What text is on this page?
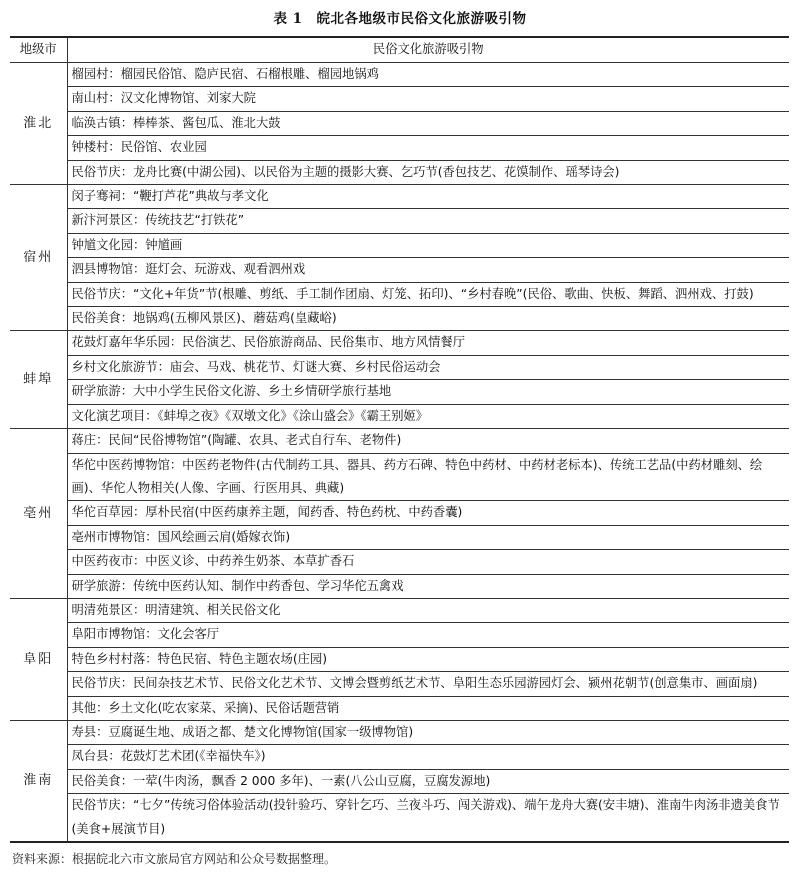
表 1　皖北各地级市民俗文化旅游吸引物
地级市	民俗文化旅游吸引物
淮北	榴园村：榴园民俗馆、隐庐民宿、石榴根雕、榴园地锅鸡
	南山村：汉文化博物馆、刘家大院
	临涣古镇：棒棒茶、酱包瓜、淮北大鼓
	钟楼村：民俗馆、农业园
	民俗节庆：龙舟比赛(中湖公园)、以民俗为主题的摄影大赛、乞巧节(香包技艺、花馍制作、瑶琴诗会)
宿州	闵子骞祠：“鞭打芦花”典故与孝文化
	新汴河景区：传统技艺“打铁花”
	钟馗文化园：钟馗画
	泗县博物馆：逛灯会、玩游戏、观看泗州戏
	民俗节庆：“文化+年货”节(根雕、剪纸、手工制作团扇、灯笼、拓印)、“乡村春晚”(民俗、歌曲、快板、舞蹈、泗州戏、打鼓)
	民俗美食：地锅鸡(五柳风景区)、蘑菇鸡(皇藏峪)
蚌埠	花鼓灯嘉年华乐园：民俗演艺、民俗旅游商品、民俗集市、地方风情餐厅
	乡村文化旅游节：庙会、马戏、桃花节、灯谜大赛、乡村民俗运动会
	研学旅游：大中小学生民俗文化游、乡土乡情研学旅行基地
	文化演艺项目：《蚌埠之夜》《双墩文化》《涂山盛会》《霸王别姬》
亳州	蒋庄：民间“民俗博物馆”(陶罐、农具、老式自行车、老物件)
	华佗中医药博物馆：中医药老物件(古代制药工具、器具、药方石碑、特色中药材、中药材老标本)、传统工艺品(中药材雕刻、绘画)、华佗人物相关(人像、字画、行医用具、典藏)
	华佗百草园：厚朴民宿(中医药康养主题，闻药香、特色药枕、中药香囊)
	亳州市博物馆：国风绘画云肩(婚嫁衣饰)
	中医药夜市：中医义诊、中药养生奶茶、本草扩香石
	研学旅游：传统中医药认知、制作中药香包、学习华佗五禽戏
阜阳	明清苑景区：明清建筑、相关民俗文化
	阜阳市博物馆：文化会客厅
	特色乡村村落：特色民宿、特色主题农场(庄园)
	民俗节庆：民间杂技艺术节、民俗文化艺术节、文博会暨剪纸艺术节、阜阳生态乐园游园灯会、颍州花朝节(创意集市、画面扇)
	其他：乡土文化(吃农家菜、采摘)、民俗话题营销
淮南	寿县：豆腐诞生地、成语之都、楚文化博物馆(国家一级博物馆)
	凤台县：花鼓灯艺术团(《幸福快车》)
	民俗美食：一荤(牛肉汤，飘香 2 000 多年)、一素(八公山豆腐，豆腐发源地)
	民俗节庆：“七夕”传统习俗体验活动(投针验巧、穿针乞巧、兰夜斗巧、闯关游戏)、端午龙舟大赛(安丰塘)、淮南牛肉汤非遗美食节(美食+展演节目)
资料来源：根据皖北六市文旅局官方网站和公众号数据整理。
